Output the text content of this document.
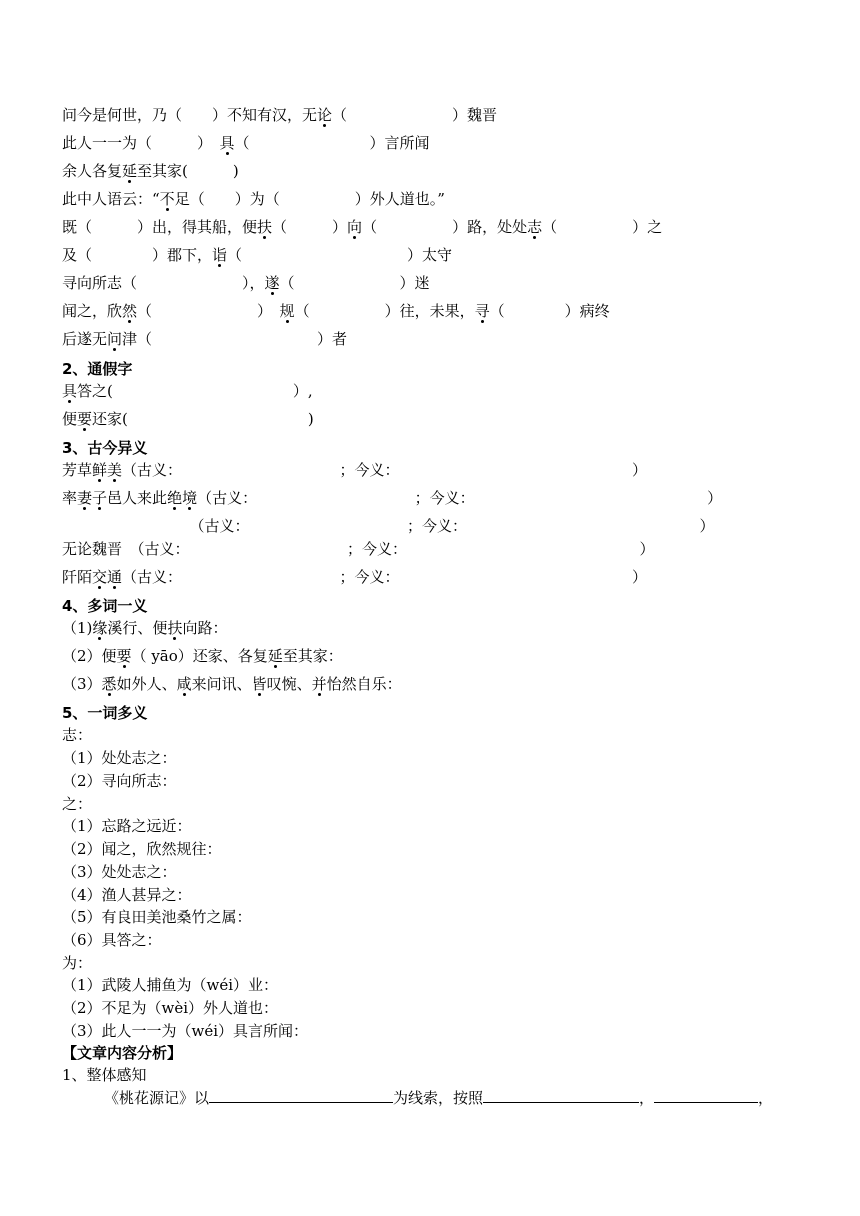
问今是何世，乃（　　）不知有汉，无论（　　　　　　　）魏晋
此人一一为（　　　）　具（　　　　　　　　）言所闻
余人各复延至其家(　　　)
此中人语云：“不足（　　）为（　　　　　）外人道也。”
既（　　　）出，得其船，便扶（　　　）向（　　　　　）路，处处志（　　　　　）之
及（　　　　）郡下，诣（　　　　　　　　　　　）太守
寻向所志（　　　　　　　），遂（　　　　　　　）迷
闻之，欣然（　　　　　　　）　规（　　　　　）往，未果，寻（　　　　）病终
后遂无问津（　　　　　　　　　　　）者
2、通假字
具答之(　　　　　　　　　　　　）,
便要还家(　　　　　　　　　　　　)
3、古今异义
芳草鲜美（古义：　　　　　　　　　　　；今义：　　　　　　　　　　　　　　　　）
率妻子邑人来此绝境（古义：　　　　　　　　　　　；今义：　　　　　　　　　　　　　　　　）
　　　　　　　　　（古义：　　　　　　　　　　　；今义：　　　　　　　　　　　　　　　　）
无论魏晋　（古义：　　　　　　　　　　　；今义：　　　　　　　　　　　　　　　　）
阡陌交通（古义：　　　　　　　　　　　；今义：　　　　　　　　　　　　　　　　）
4、多词一义
（1)缘溪行、便扶向路：
（2）便要（ yāo）还家、各复延至其家：
（3）悉如外人、咸来问讯、皆叹惋、并怡然自乐：
5、一词多义
志：
（1）处处志之：
（2）寻向所志：
之：
（1）忘路之远近：
（2）闻之，欣然规往：
（3）处处志之：
（4）渔人甚异之：
（5）有良田美池桑竹之属：
（6）具答之：
为：
（1）武陵人捕鱼为（wéi）业：
（2）不足为（wèi）外人道也：
（3）此人一一为（wéi）具言所闻：
【文章内容分析】
1、整体感知
《桃花源记》以	为线索，按照	，	，
